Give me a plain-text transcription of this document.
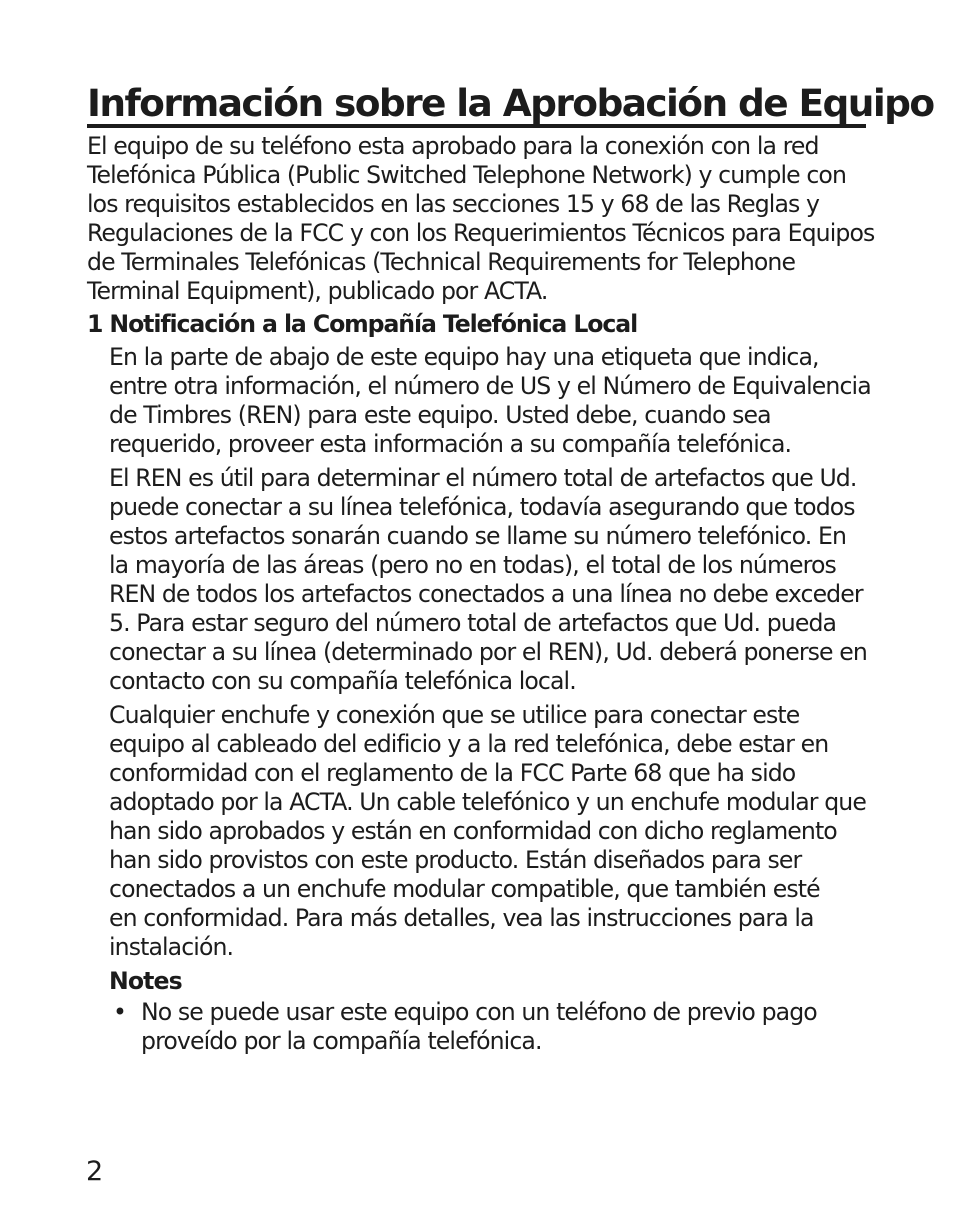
Información sobre la Aprobación de Equipo

El equipo de su teléfono esta aprobado para la conexión con la red
Telefónica Pública (Public Switched Telephone Network) y cumple con
los requisitos establecidos en las secciones 15 y 68 de las Reglas y
Regulaciones de la FCC y con los Requerimientos Técnicos para Equipos
de Terminales Telefónicas (Technical Requirements for Telephone
Terminal Equipment), publicado por ACTA.

1 Notificación a la Compañía Telefónica Local

En la parte de abajo de este equipo hay una etiqueta que indica,
entre otra información, el número de US y el Número de Equivalencia
de Timbres (REN) para este equipo. Usted debe, cuando sea
requerido, proveer esta información a su compañía telefónica.

El REN es útil para determinar el número total de artefactos que Ud.
puede conectar a su línea telefónica, todavía asegurando que todos
estos artefactos sonarán cuando se llame su número telefónico. En
la mayoría de las áreas (pero no en todas), el total de los números
REN de todos los artefactos conectados a una línea no debe exceder
5. Para estar seguro del número total de artefactos que Ud. pueda
conectar a su línea (determinado por el REN), Ud. deberá ponerse en
contacto con su compañía telefónica local.

Cualquier enchufe y conexión que se utilice para conectar este
equipo al cableado del edificio y a la red telefónica, debe estar en
conformidad con el reglamento de la FCC Parte 68 que ha sido
adoptado por la ACTA. Un cable telefónico y un enchufe modular que
han sido aprobados y están en conformidad con dicho reglamento
han sido provistos con este producto. Están diseñados para ser
conectados a un enchufe modular compatible, que también esté
en conformidad. Para más detalles, vea las instrucciones para la
instalación.

Notes
• No se puede usar este equipo con un teléfono de previo pago
proveído por la compañía telefónica.

2
